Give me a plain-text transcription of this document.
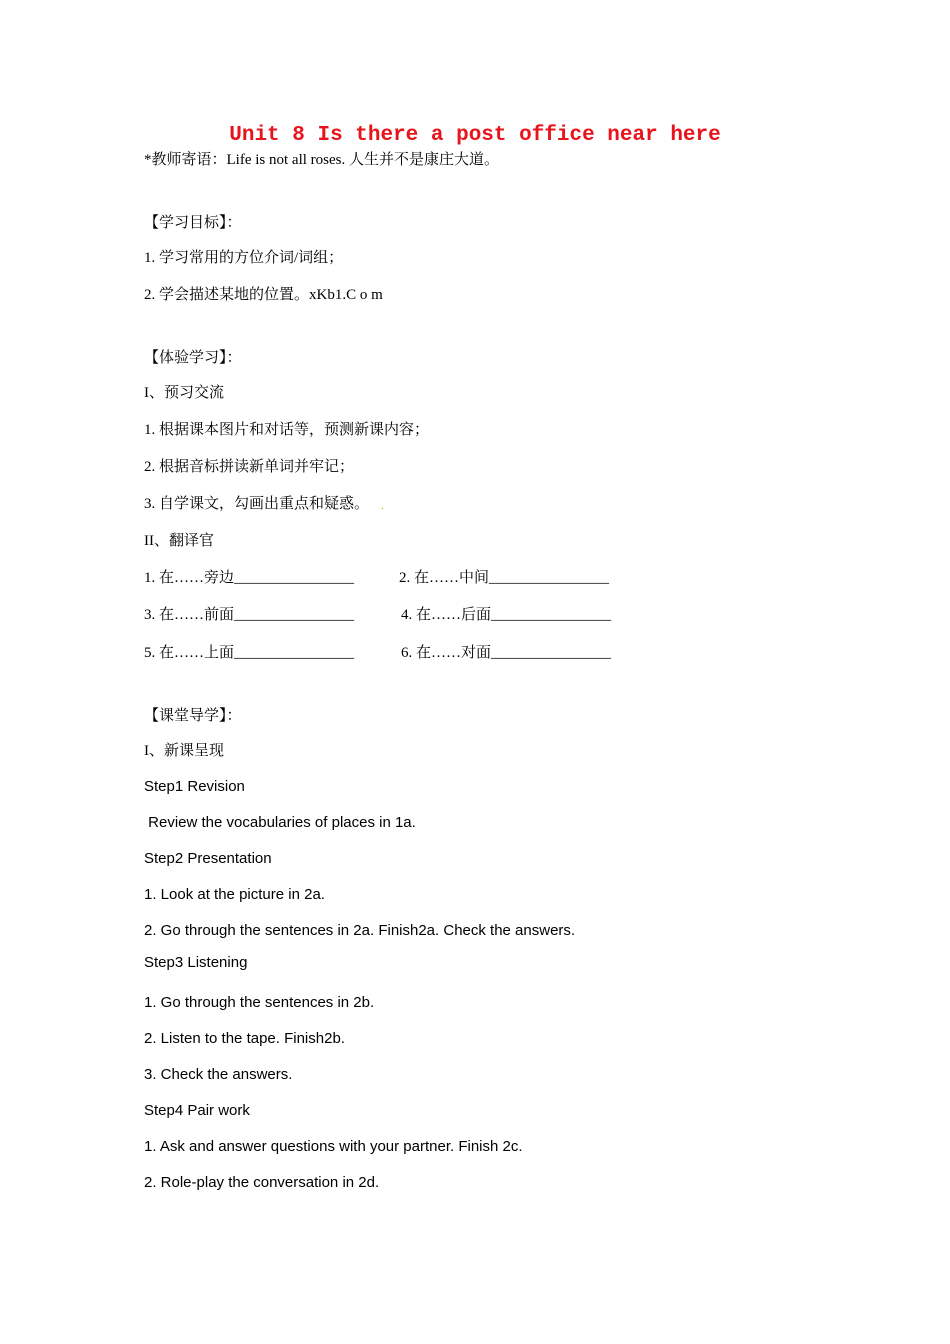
Unit 8 Is there a post office near here

*教师寄语：Life is not all roses. 人生并不是康庄大道。

【学习目标】：

1. 学习常用的方位介词/词组；

2. 学会描述某地的位置。xKb1.C o m

【体验学习】：

I、预习交流

1. 根据课本图片和对话等，预测新课内容；

2. 根据音标拼读新单词并牢记；

3. 自学课文，勾画出重点和疑惑。 .

II、翻译官

1. 在……旁边________________	2. 在……中间________________

3. 在……前面________________	4. 在……后面________________

5. 在……上面________________	6. 在……对面________________

【课堂导学】：

I、新课呈现

Step1 Revision

Review the vocabularies of places in 1a.

Step2 Presentation

1. Look at the picture in 2a.

2. Go through the sentences in 2a. Finish2a. Check the answers.

Step3 Listening

1. Go through the sentences in 2b.

2. Listen to the tape. Finish2b.

3. Check the answers.

Step4 Pair work

1. Ask and answer questions with your partner. Finish 2c.

2. Role-play the conversation in 2d.
